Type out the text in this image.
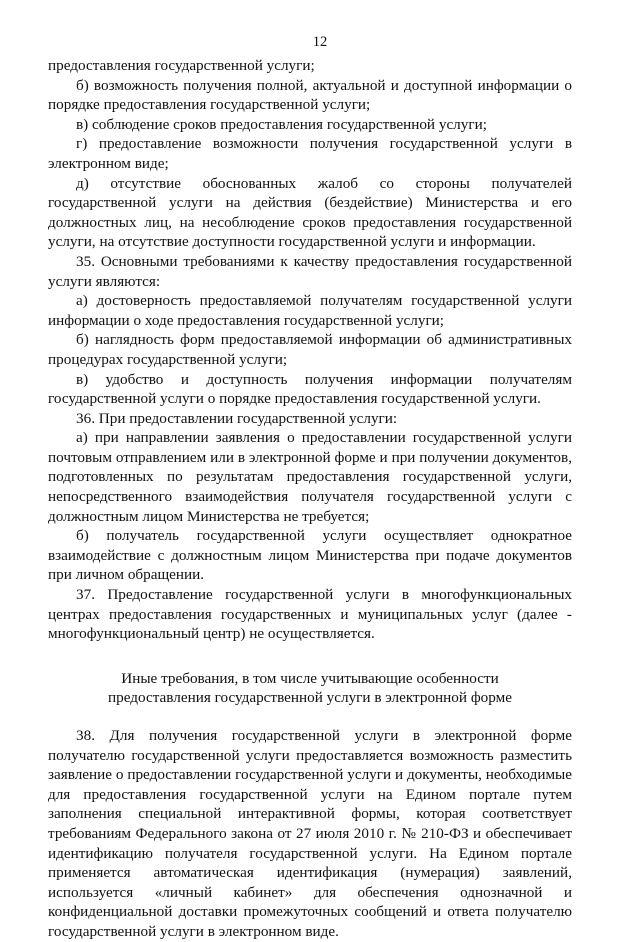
12

предоставления государственной услуги;

б) возможность получения полной, актуальной и доступной информации о порядке предоставления государственной услуги;

в) соблюдение сроков предоставления государственной услуги;

г) предоставление возможности получения государственной услуги в электронном виде;

д) отсутствие обоснованных жалоб со стороны получателей государственной услуги на действия (бездействие) Министерства и его должностных лиц, на несоблюдение сроков предоставления государственной услуги, на отсутствие доступности государственной услуги и информации.

35. Основными требованиями к качеству предоставления государственной услуги являются:

а) достоверность предоставляемой получателям государственной услуги информации о ходе предоставления государственной услуги;

б) наглядность форм предоставляемой информации об административных процедурах государственной услуги;

в) удобство и доступность получения информации получателям государственной услуги о порядке предоставления государственной услуги.

36. При предоставлении государственной услуги:

а) при направлении заявления о предоставлении государственной услуги почтовым отправлением или в электронной форме и при получении документов, подготовленных по результатам предоставления государственной услуги, непосредственного взаимодействия получателя государственной услуги с должностным лицом Министерства не требуется;

б) получатель государственной услуги осуществляет однократное взаимодействие с должностным лицом Министерства при подаче документов при личном обращении.

37. Предоставление государственной услуги в многофункциональных центрах предоставления государственных и муниципальных услуг (далее - многофункциональный центр) не осуществляется.

Иные требования, в том числе учитывающие особенности
предоставления государственной услуги в электронной форме

38. Для получения государственной услуги в электронной форме получателю государственной услуги предоставляется возможность разместить заявление о предоставлении государственной услуги и документы, необходимые для предоставления государственной услуги на Едином портале путем заполнения специальной интерактивной формы, которая соответствует требованиям Федерального закона от 27 июля 2010 г. № 210-ФЗ и обеспечивает идентификацию получателя государственной услуги. На Едином портале применяется автоматическая идентификация (нумерация) заявлений, используется «личный кабинет» для обеспечения однозначной и конфиденциальной доставки промежуточных сообщений и ответа получателю государственной услуги в электронном виде.
